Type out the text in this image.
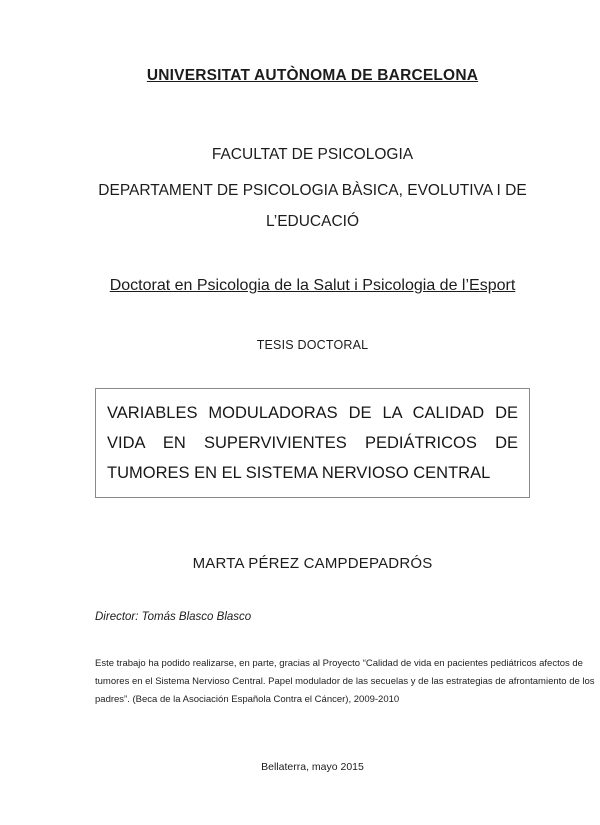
UNIVERSITAT AUTÒNOMA DE BARCELONA
FACULTAT DE PSICOLOGIA
DEPARTAMENT DE PSICOLOGIA BÀSICA, EVOLUTIVA I DE
L’EDUCACIÓ
Doctorat en Psicologia de la Salut i Psicologia de l’Esport
TESIS DOCTORAL
VARIABLES MODULADORAS DE LA CALIDAD DE
VIDA EN SUPERVIVIENTES PEDIÁTRICOS DE
TUMORES EN EL SISTEMA NERVIOSO CENTRAL
MARTA PÉREZ CAMPDEPADRÓS
Director: Tomás Blasco Blasco
Este trabajo ha podido realizarse, en parte, gracias al Proyecto “Calidad de vida en pacientes pediátricos afectos de
tumores en el Sistema Nervioso Central. Papel modulador de las secuelas y de las estrategias de afrontamiento de los
padres”. (Beca de la Asociación Española Contra el Cáncer), 2009-2010
Bellaterra, mayo 2015
